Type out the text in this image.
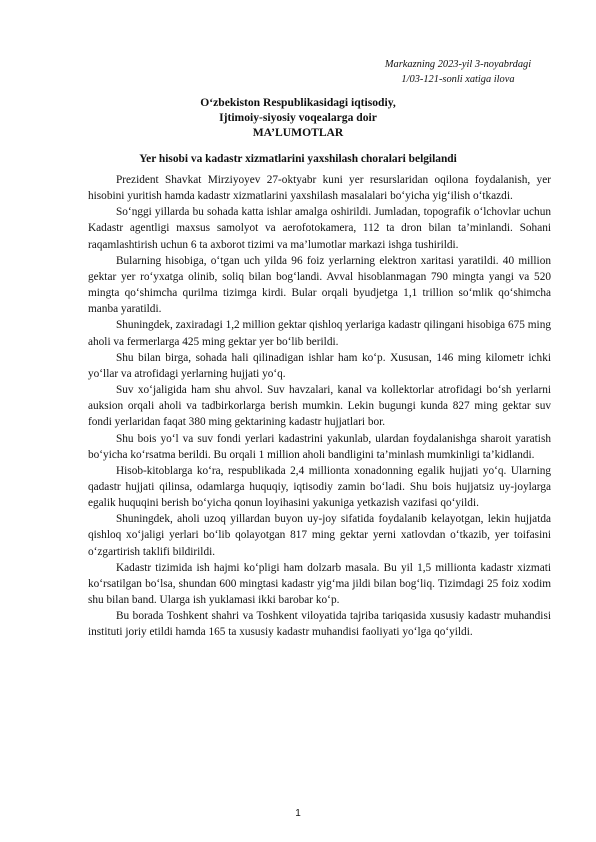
Markazning 2023-yil 3-noyabrdagi
1/03-121-sonli xatiga ilova
O‘zbekiston Respublikasidagi iqtisodiy,
Ijtimoiy-siyosiy voqealarga doir
MA’LUMOTLAR
Yer hisobi va kadastr xizmatlarini yaxshilash choralari belgilandi

Prezident Shavkat Mirziyoyev 27-oktyabr kuni yer resurslaridan oqilona foydalanish, yer hisobini yuritish hamda kadastr xizmatlarini yaxshilash masalalari bo‘yicha yig‘ilish o‘tkazdi.

So‘nggi yillarda bu sohada katta ishlar amalga oshirildi. Jumladan, topografik o‘lchovlar uchun Kadastr agentligi maxsus samolyot va aerofotokamera, 112 ta dron bilan ta’minlandi. Sohani raqamlashtirish uchun 6 ta axborot tizimi va ma’lumotlar markazi ishga tushirildi.

Bularning hisobiga, o‘tgan uch yilda 96 foiz yerlarning elektron xaritasi yaratildi. 40 million gektar yer ro‘yxatga olinib, soliq bilan bog‘landi. Avval hisoblanmagan 790 mingta yangi va 520 mingta qo‘shimcha qurilma tizimga kirdi. Bular orqali byudjetga 1,1 trillion so‘mlik qo‘shimcha manba yaratildi.

Shuningdek, zaxiradagi 1,2 million gektar qishloq yerlariga kadastr qilingani hisobiga 675 ming aholi va fermerlarga 425 ming gektar yer bo‘lib berildi.

Shu bilan birga, sohada hali qilinadigan ishlar ham ko‘p. Xususan, 146 ming kilometr ichki yo‘llar va atrofidagi yerlarning hujjati yo‘q.

Suv xo‘jaligida ham shu ahvol. Suv havzalari, kanal va kollektorlar atrofidagi bo‘sh yerlarni auksion orqali aholi va tadbirkorlarga berish mumkin. Lekin bugungi kunda 827 ming gektar suv fondi yerlaridan faqat 380 ming gektarining kadastr hujjatlari bor.

Shu bois yo‘l va suv fondi yerlari kadastrini yakunlab, ulardan foydalanishga sharoit yaratish bo‘yicha ko‘rsatma berildi. Bu orqali 1 million aholi bandligini ta’minlash mumkinligi ta’kidlandi.

Hisob-kitoblarga ko‘ra, respublikada 2,4 millionta xonadonning egalik hujjati yo‘q. Ularning qadastr hujjati qilinsa, odamlarga huquqiy, iqtisodiy zamin bo‘ladi. Shu bois hujjatsiz uy-joylarga egalik huquqini berish bo‘yicha qonun loyihasini yakuniga yetkazish vazifasi qo‘yildi.

Shuningdek, aholi uzoq yillardan buyon uy-joy sifatida foydalanib kelayotgan, lekin hujjatda qishloq xo‘jaligi yerlari bo‘lib qolayotgan 817 ming gektar yerni xatlovdan o‘tkazib, yer toifasini o‘zgartirish taklifi bildirildi.

Kadastr tizimida ish hajmi ko‘pligi ham dolzarb masala. Bu yil 1,5 millionta kadastr xizmati ko‘rsatilgan bo‘lsa, shundan 600 mingtasi kadastr yig‘ma jildi bilan bog‘liq. Tizimdagi 25 foiz xodim shu bilan band. Ularga ish yuklamasi ikki barobar ko‘p.

Bu borada Toshkent shahri va Toshkent viloyatida tajriba tariqasida xususiy kadastr muhandisi instituti joriy etildi hamda 165 ta xususiy kadastr muhandisi faoliyati yo‘lga qo‘yildi.

1
